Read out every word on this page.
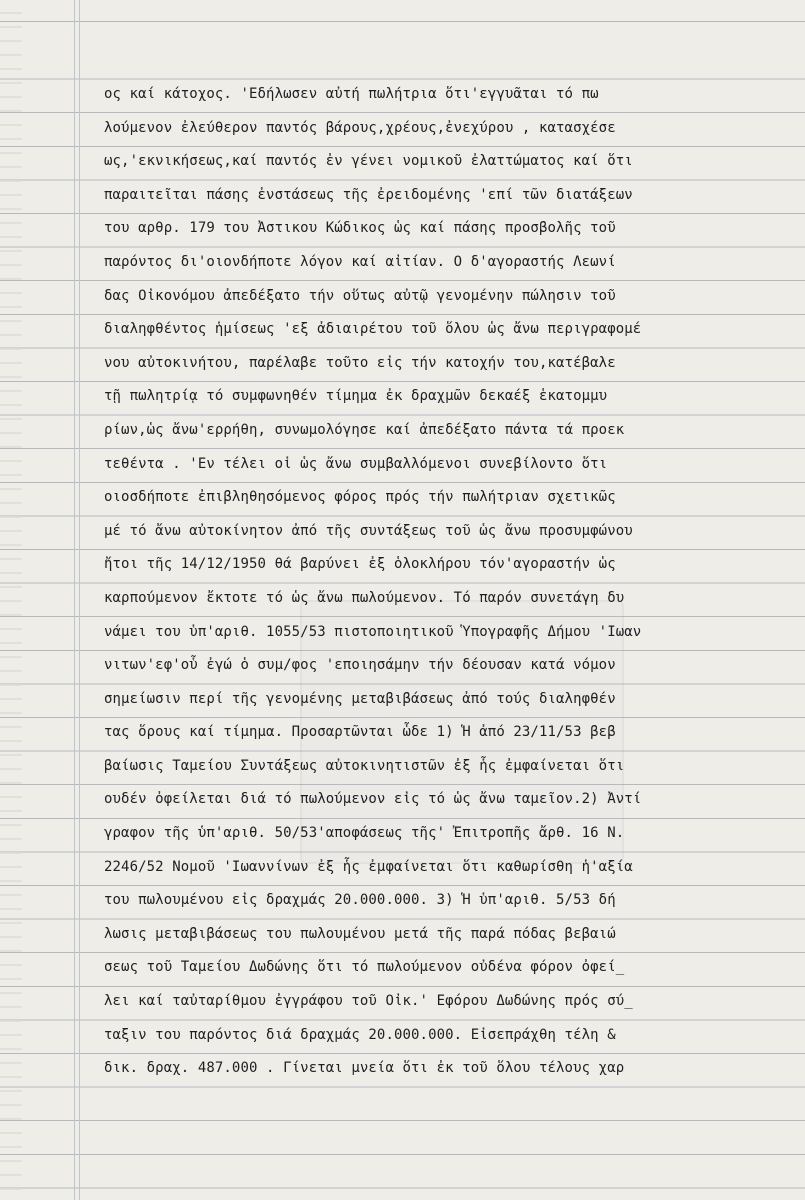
ος καί κάτοχος. 'Εδήλωσεν αὐτή πωλήτρια ὅτι'εγγυᾶται τό πω
λούμενον ἐλεύθερον παντός βάρους,χρέους,ἐνεχύρου , κατασχέσε
ως,'εκνικήσεως,καί παντός ἐν γένει νομικοῦ ἐλαττώματος καί ὅτι
παραιτεῖται πάσης ἐνστάσεως τῆς ἐρειδομένης 'επί τῶν διατάξεων
του αρθρ. 179 του Ἀστικου Κώδικος ὡς καί πάσης προσβολῆς τοῦ
παρόντος δι'οιονδήποτε λόγον καί αἰτίαν. Ο δ'αγοραστής Λεωνί
δας Οἰκονόμου ἀπεδέξατο τήν οὕτως αὐτῷ γενομένην πώλησιν τοῦ
διαληφθέντος ἡμίσεως 'εξ ἀδιαιρέτου τοῦ ὅλου ὡς ἄνω περιγραφομέ
νου αὐτοκινήτου, παρέλαβε τοῦτο εἰς τήν κατοχήν του,κατέβαλε
τῇ πωλητρίᾳ τό συμφωνηθέν τίμημα ἐκ δραχμῶν δεκαέξ ἑκατομμυ
ρίων,ὡς ἄνω'ερρήθη, συνωμολόγησε καί ἀπεδέξατο πάντα τά προεκ
τεθέντα . 'Εν τέλει οἱ ὡς ἄνω συμβαλλόμενοι συνεβίλοντο ὅτι
οιοσδήποτε ἐπιβληθησόμενος φόρος πρός τήν πωλήτριαν σχετικῶς
μέ τό ἄνω αὐτοκίνητον ἀπό τῆς συντάξεως τοῦ ὡς ἄνω προσυμφώνου
ἤτοι τῆς 14/12/1950 θά βαρύνει ἐξ ὁλοκλήρου τόν'αγοραστήν ὡς
καρπούμενον ἔκτοτε τό ὡς ἄνω πωλούμενον. Τό παρόν συνετάγη δυ
νάμει του ὑπ'αριθ. 1055/53 πιστοποιητικοῦ Ὑπογραφῆς Δήμου 'Ιωαν
νιτων'εφ'οὗ ἐγώ ὁ συμ/φος 'εποιησάμην τήν δέουσαν κατά νόμον
σημείωσιν περί τῆς γενομένης μεταβιβάσεως ἀπό τούς διαληφθέν
τας ὅρους καί τίμημα. Προσαρτῶνται ὧδε 1) Ἡ ἀπό 23/11/53 βεβ
βαίωσις Ταμείου Συντάξεως αὐτοκινητιστῶν ἐξ ἧς ἐμφαίνεται ὅτι
ουδέν ὀφείλεται διά τό πωλούμενον εἰς τό ὡς ἄνω ταμεῖον.2) Ἀντί
γραφον τῆς ὑπ'αριθ. 50/53'αποφάσεως τῆς' Ἐπιτροπῆς ἄρθ. 16 Ν.
2246/52 Νομοῦ 'Ιωαννίνων ἐξ ἧς ἐμφαίνεται ὅτι καθωρίσθη ἡ'αξία
του πωλουμένου εἰς δραχμάς 20.000.000. 3) Ἡ ὑπ'αριθ. 5/53 δή
λωσις μεταβιβάσεως του πωλουμένου μετά τῆς παρά πόδας βεβαιώ
σεως τοῦ Ταμείου Δωδώνης ὅτι τό πωλούμενον οὐδένα φόρον ὀφεί_
λει καί ταὐταρίθμου ἐγγράφου τοῦ Οἰκ.' Εφόρου Δωδώνης πρός σύ_
ταξιν του παρόντος διά δραχμάς 20.000.000. Εἰσεπράχθη τέλη &
δικ. δραχ. 487.000 . Γίνεται μνεία ὅτι ἐκ τοῦ ὅλου τέλους χαρ
